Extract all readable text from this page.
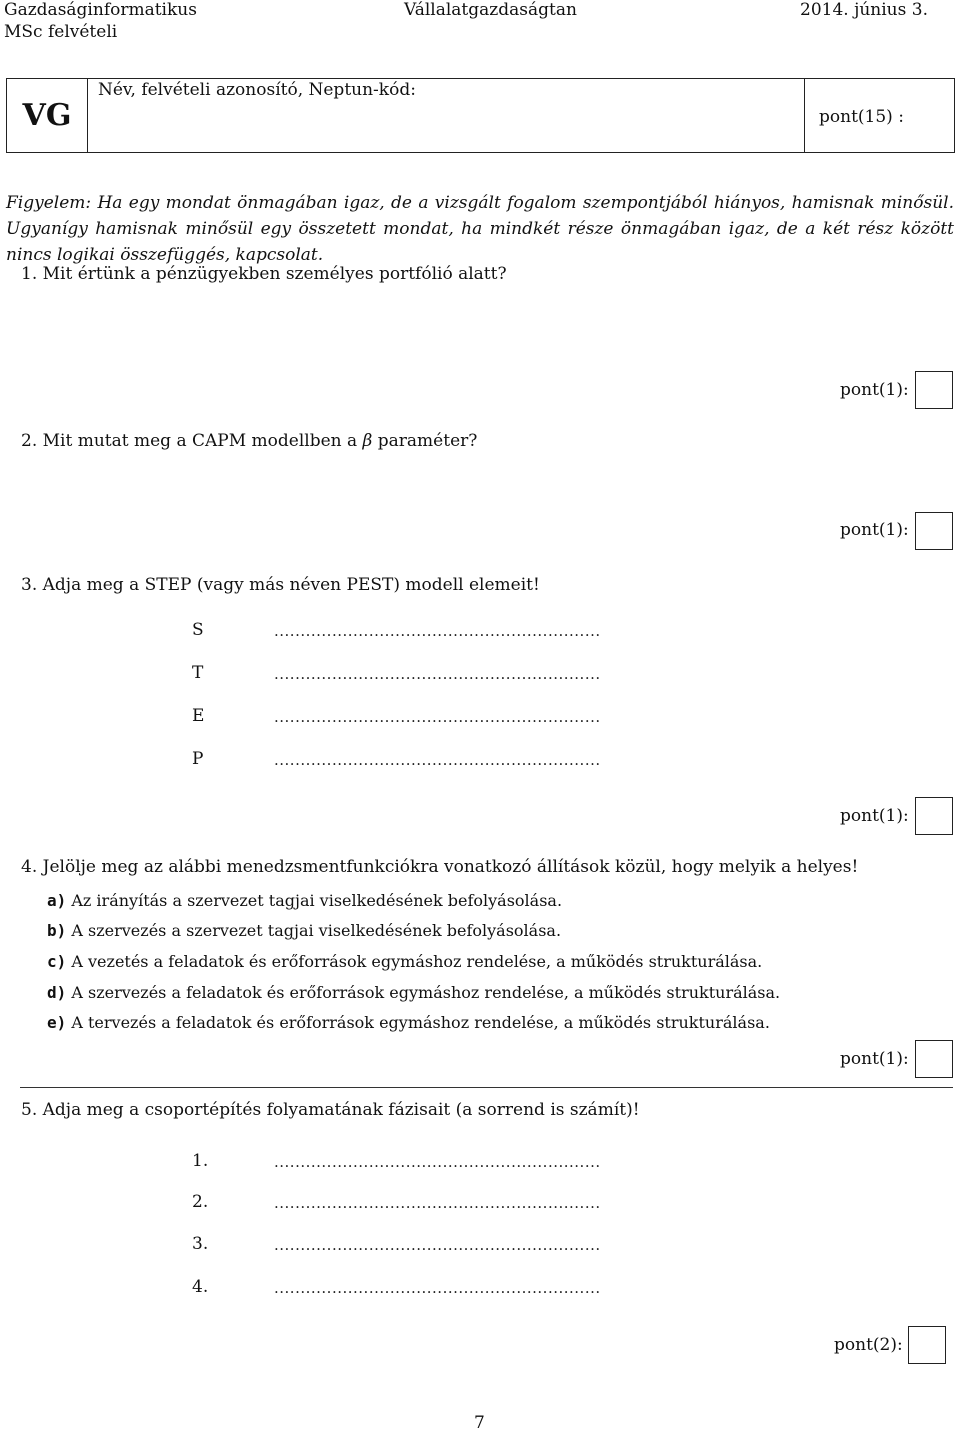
Gazdaságinformatikus
MSc felvételi
Vállalatgazdaságtan	2014. június 3.
VG
Név, felvételi azonosító, Neptun-kód:
pont(15) :
Figyelem: Ha egy mondat önmagában igaz, de a vizsgált fogalom szempontjából hiányos, hamisnak minősül. Ugyanígy hamisnak minősül egy összetett mondat, ha mindkét része önmagában igaz, de a két rész között nincs logikai összefüggés, kapcsolat.
1. Mit értünk a pénzügyekben személyes portfólió alatt?
pont(1):
2. Mit mutat meg a CAPM modellben a β paraméter?
pont(1):
3. Adja meg a STEP (vagy más néven PEST) modell elemeit!
S	..............................................................
T	..............................................................
E	..............................................................
P	..............................................................
pont(1):
4. Jelölje meg az alábbi menedzsmentfunkciókra vonatkozó állítások közül, hogy melyik a helyes!
a) Az irányítás a szervezet tagjai viselkedésének befolyásolása.
b) A szervezés a szervezet tagjai viselkedésének befolyásolása.
c) A vezetés a feladatok és erőforrások egymáshoz rendelése, a működés strukturálása.
d) A szervezés a feladatok és erőforrások egymáshoz rendelése, a működés strukturálása.
e) A tervezés a feladatok és erőforrások egymáshoz rendelése, a működés strukturálása.
pont(1):
5. Adja meg a csoportépítés folyamatának fázisait (a sorrend is számít)!
1.	..............................................................
2.	..............................................................
3.	..............................................................
4.	..............................................................
pont(2):
7
